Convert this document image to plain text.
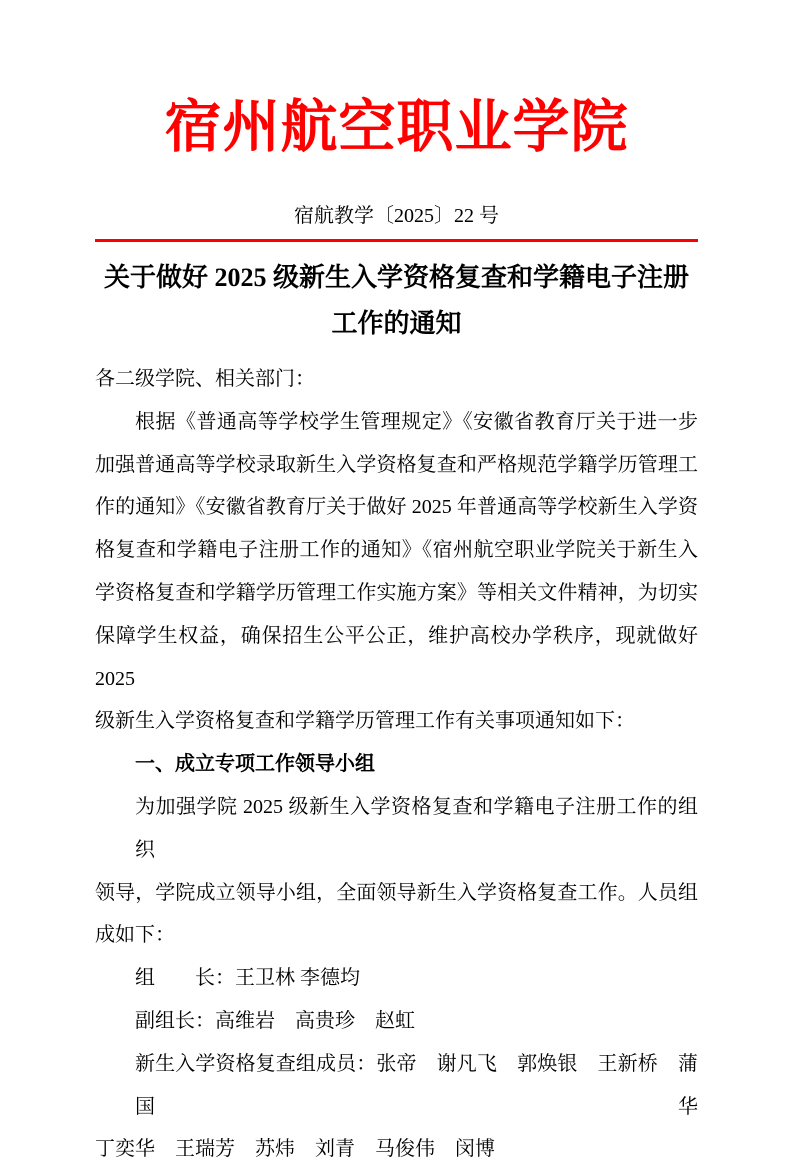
宿州航空职业学院
宿航教学〔2025〕22 号
关于做好 2025 级新生入学资格复查和学籍电子注册
工作的通知
各二级学院、相关部门：
根据《普通高等学校学生管理规定》《安徽省教育厅关于进一步
加强普通高等学校录取新生入学资格复查和严格规范学籍学历管理工
作的通知》《安徽省教育厅关于做好 2025 年普通高等学校新生入学资
格复查和学籍电子注册工作的通知》《宿州航空职业学院关于新生入
学资格复查和学籍学历管理工作实施方案》等相关文件精神，为切实
保障学生权益，确保招生公平公正，维护高校办学秩序，现就做好 2025
级新生入学资格复查和学籍学历管理工作有关事项通知如下：
一、成立专项工作领导小组
为加强学院 2025 级新生入学资格复查和学籍电子注册工作的组织
领导，学院成立领导小组，全面领导新生入学资格复查工作。人员组
成如下：
组　　长：王卫林 李德均
副组长：高维岩　高贵珍　赵虹
新生入学资格复查组成员：张帝　谢凡飞　郭焕银　王新桥　蒲国华
丁奕华　王瑞芳　苏炜　刘青　马俊伟　闵博
